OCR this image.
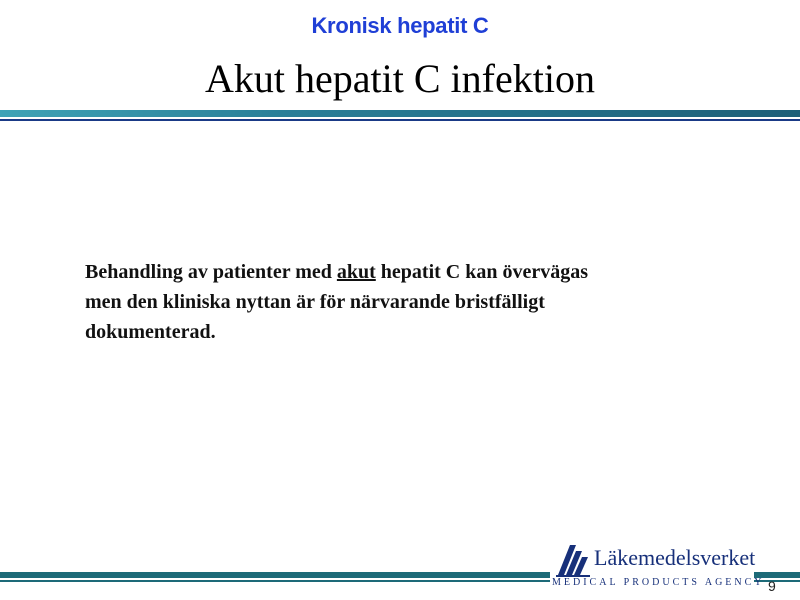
Kronisk hepatit C
Akut hepatit C infektion
Behandling av patienter med akut hepatit C kan övervägas
men den kliniska nyttan är för närvarande bristfälligt
dokumenterad.
Läkemedelsverket
MEDICAL PRODUCTS AGENCY 9
